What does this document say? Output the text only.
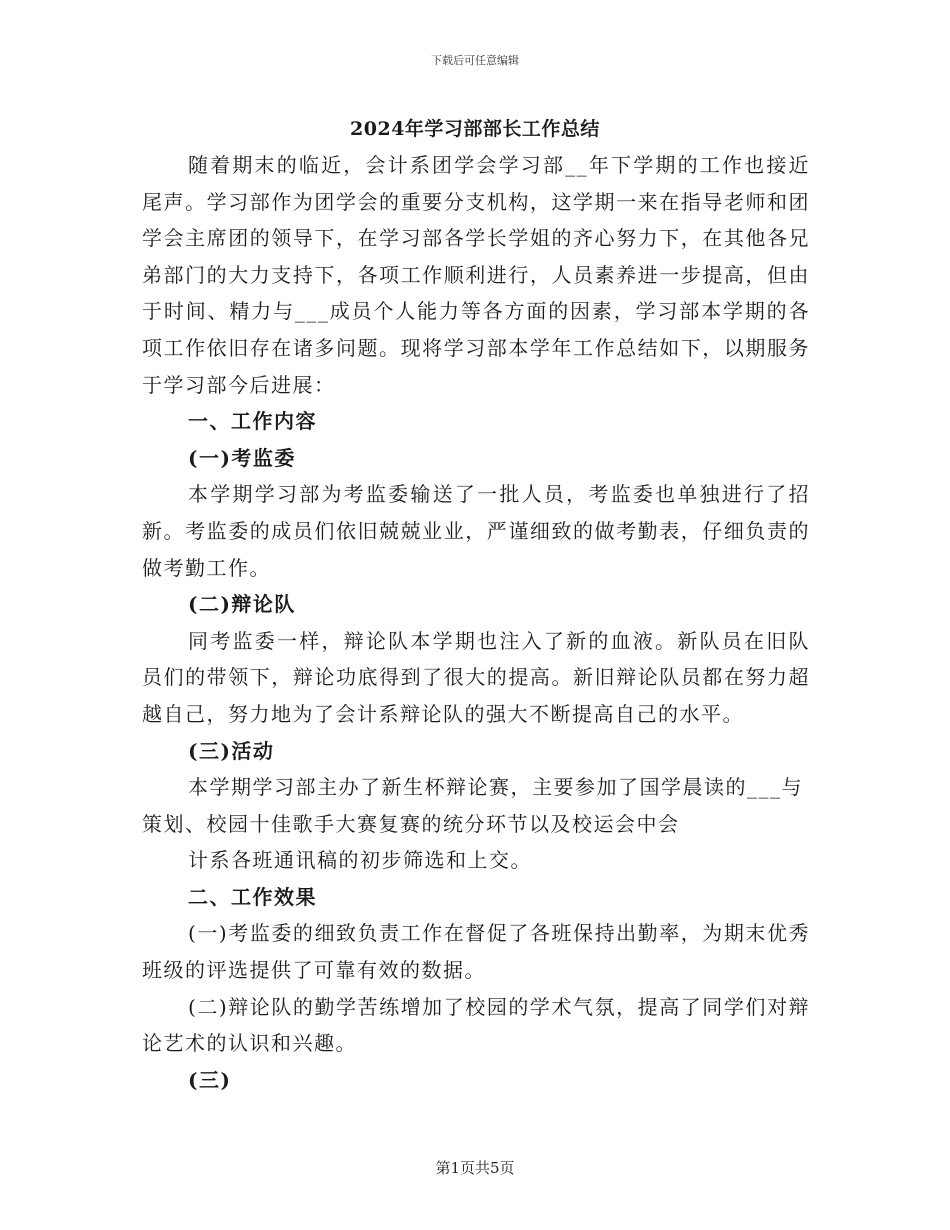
下载后可任意编辑
2024年学习部部长工作总结

随着期末的临近，会计系团学会学习部__年下学期的工作也接近尾声。学习部作为团学会的重要分支机构，这学期一来在指导老师和团学会主席团的领导下，在学习部各学长学姐的齐心努力下，在其他各兄弟部门的大力支持下，各项工作顺利进行，人员素养进一步提高，但由于时间、精力与___成员个人能力等各方面的因素，学习部本学期的各项工作依旧存在诸多问题。现将学习部本学年工作总结如下，以期服务于学习部今后进展：

一、工作内容

(一)考监委

本学期学习部为考监委输送了一批人员，考监委也单独进行了招新。考监委的成员们依旧兢兢业业，严谨细致的做考勤表，仔细负责的做考勤工作。

(二)辩论队

同考监委一样，辩论队本学期也注入了新的血液。新队员在旧队员们的带领下，辩论功底得到了很大的提高。新旧辩论队员都在努力超越自己，努力地为了会计系辩论队的强大不断提高自己的水平。

(三)活动

本学期学习部主办了新生杯辩论赛，主要参加了国学晨读的___与策划、校园十佳歌手大赛复赛的统分环节以及校运会中会

计系各班通讯稿的初步筛选和上交。

二、工作效果

(一)考监委的细致负责工作在督促了各班保持出勤率，为期末优秀班级的评选提供了可靠有效的数据。

(二)辩论队的勤学苦练增加了校园的学术气氛，提高了同学们对辩论艺术的认识和兴趣。

(三)

第1页共5页
